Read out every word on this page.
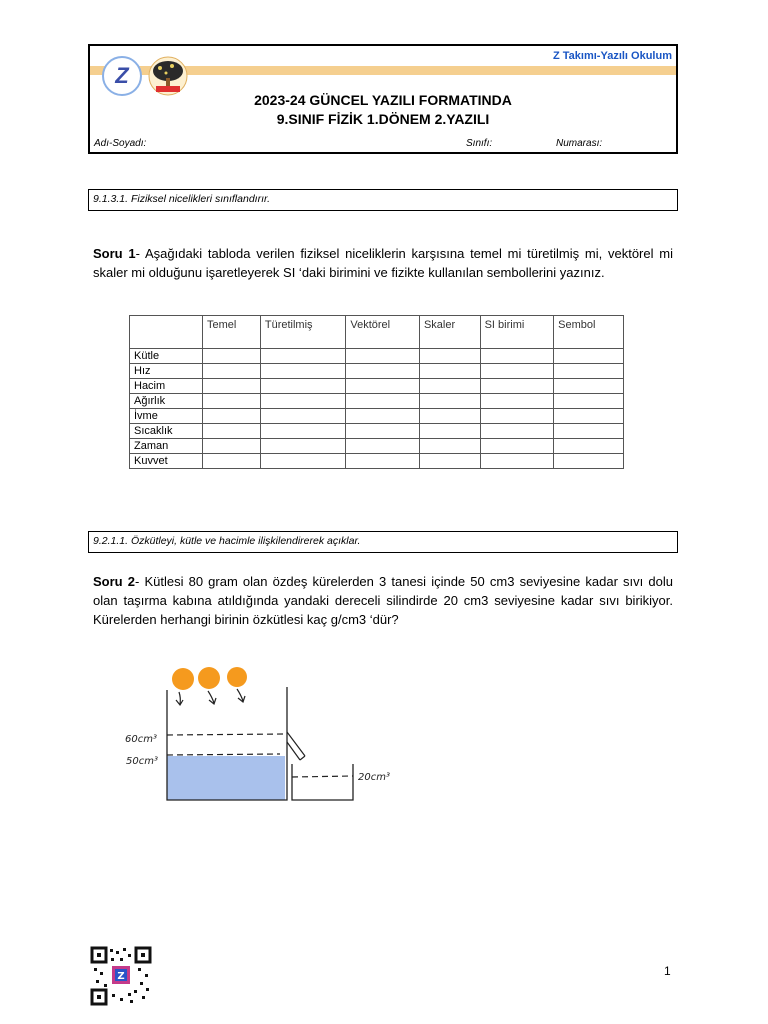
Z Takımı-Yazılı Okulum
Z
2023-24 GÜNCEL YAZILI FORMATINDA
9.SINIF FİZİK 1.DÖNEM 2.YAZILI
Adı-Soyadı:	Sınıfı:	Numarası:
9.1.3.1. Fiziksel nicelikleri sınıflandırır.
Soru 1- Aşağıdaki tabloda verilen fiziksel niceliklerin karşısına temel mi türetilmiş mi, vektörel mi skaler mi olduğunu işaretleyerek SI ‘daki birimini ve fizikte kullanılan sembollerini yazınız.
	Temel	Türetilmiş	Vektörel	Skaler	SI birimi	Sembol
Kütle						
Hız						
Hacim						
Ağırlık						
İvme						
Sıcaklık						
Zaman						
Kuvvet						
9.2.1.1. Özkütleyi, kütle ve hacimle ilişkilendirerek açıklar.
Soru 2- Kütlesi 80 gram olan özdeş kürelerden 3 tanesi içinde 50 cm3 seviyesine kadar sıvı dolu olan taşırma kabına atıldığında yandaki dereceli silindirde 20 cm3 seviyesine kadar sıvı birikiyor. Kürelerden herhangi birinin özkütlesi kaç g/cm3 ‘dür?
60cm³
50cm³
20cm³
Z	1
